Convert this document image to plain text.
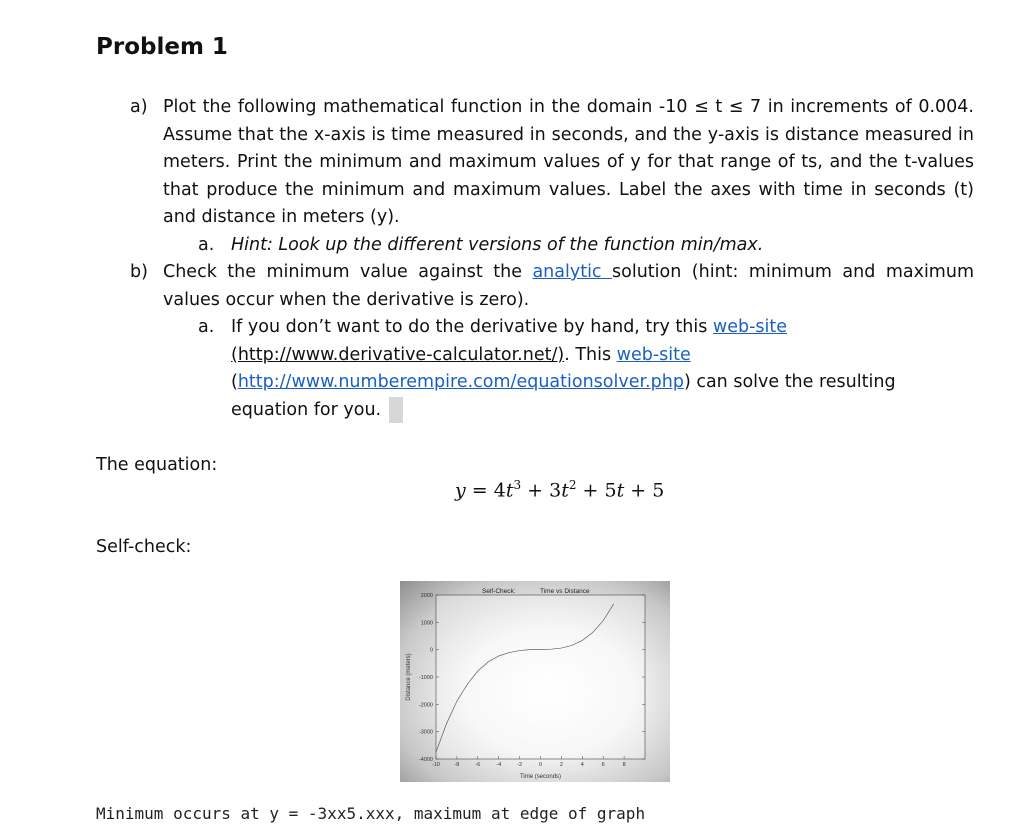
Problem 1
a) Plot the following mathematical function in the domain -10 ≤ t ≤ 7 in increments of 0.004. Assume that the x-axis is time measured in seconds, and the y-axis is distance measured in meters. Print the minimum and maximum values of y for that range of ts, and the t-values that produce the minimum and maximum values. Label the axes with time in seconds (t) and distance in meters (y).

a. Hint: Look up the different versions of the function min/max.

b) Check the minimum value against the analytic solution (hint: minimum and maximum values occur when the derivative is zero).

a. If you don’t want to do the derivative by hand, try this web-site
(http://www.derivative-calculator.net/). This web-site
(http://www.numberempire.com/equationsolver.php) can solve the resulting equation for you.

The equation:

$y = 4t^3 + 3t^2 + 5t + 5$

Self-check:

Self-Check:	Time vs Distance
Time (seconds)
Distance (meters)
-10	-8	-6	-4	-2	0	2	4	6	8
2000
1000
0
-1000
-2000
-3000
-4000
Minimum occurs at y = -3xx5.xxx, maximum at edge of graph
